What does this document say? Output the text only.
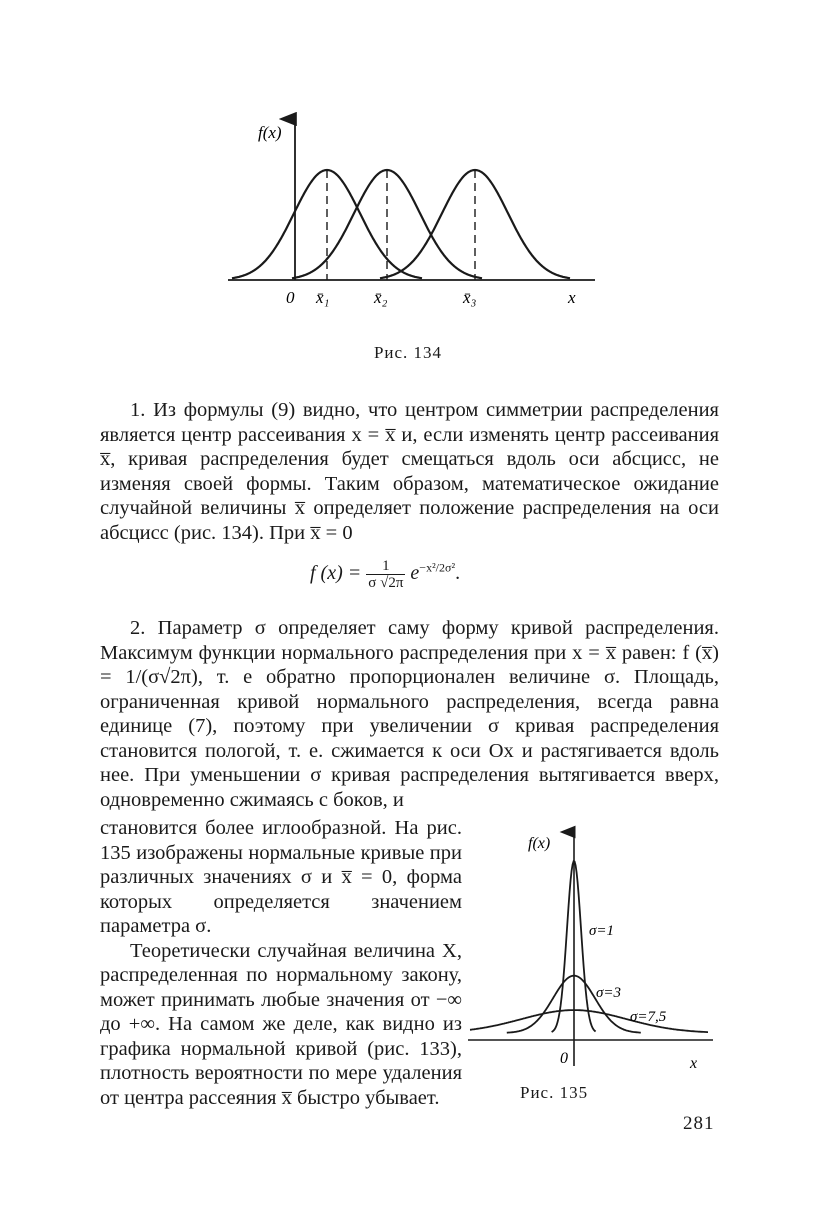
f(x)
0 x̄₁	x̄₂	x̄₃	x
Рис. 134

1. Из формулы (9) видно, что центром симметрии распределения является центр рассеивания x = x̅ и, если изменять центр рассеивания x̅, кривая распределения будет смещаться вдоль оси абсцисс, не изменяя своей формы. Таким образом, математическое ожидание случайной величины x̅ определяет положение распределения на оси абсцисс (рис. 134). При x̅ = 0

f $(x) = \frac{1}{\sigma √2\pi} e^{-x^2/2\sigma^2}$.

2. Параметр σ определяет саму форму кривой распределения. Максимум функции нормального распределения при x = x̅ равен: f (x̅) = 1/(σ√2π), т. е обратно пропорционален величине σ. Площадь, ограниченная кривой нормального распределения, всегда равна единице (7), поэтому при увеличении σ кривая распределения становится пологой, т. е. сжимается к оси Ox и растягивается вдоль нее. При уменьшении σ кривая распределения вытягивается вверх, одновременно сжимаясь с боков, и

становится более иглообразной. На рис. 135 изображены нормальные кривые при различных значениях σ и x̅ = 0, форма которых определяется значением параметра σ.

Теоретически случайная величина X, распределенная по нормальному закону, может принимать любые значения от −∞ до +∞. На самом же деле, как видно из графика нормальной кривой (рис. 133), плотность вероятности по мере удаления от центра рассеяния x̅ быстро убывает.

f(x)
0	x
σ=1
σ=3
σ=7,5
Рис. 135
281
